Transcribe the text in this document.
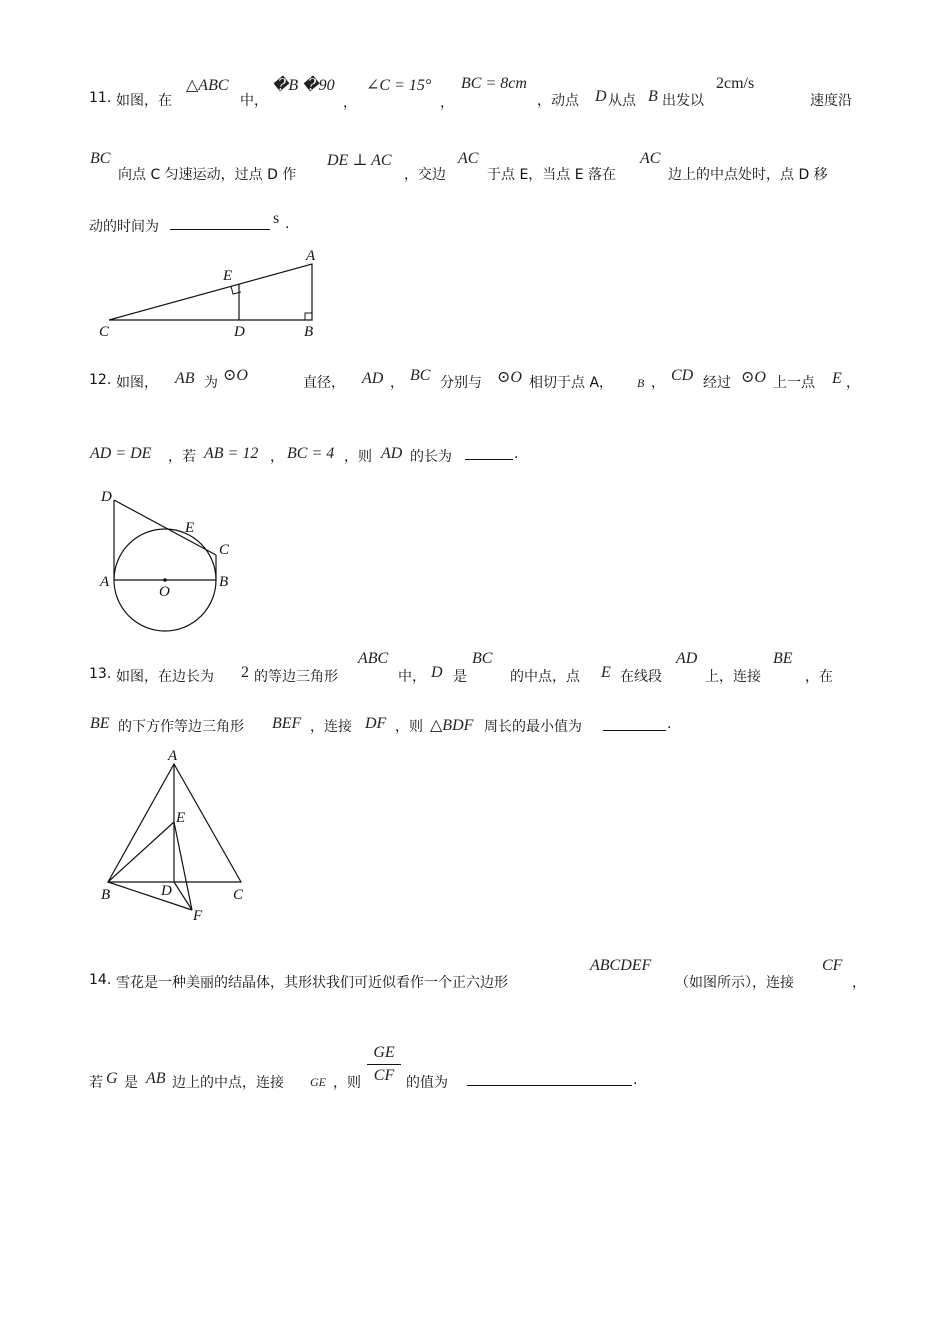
11. 如图，在
△ABC
中，
�B �90
，
∠C = 15°
，
BC = 8cm
，动点 D 从点 B 出发以
2cm/s
速度沿
BC
向点 C 匀速运动，过点 D 作
DE ⊥ AC
，交边
AC
于点 E，当点 E 落在
AC
边上的中点处时，点 D 移
动的时间为	s .
A
E
C	D	B
12. 如图， AB 为 ⊙O	直径， AD ， BC 分别与 ⊙O 相切于点 A， B ， CD 经过 ⊙O 上一点 E ，
AD = DE ，若 AB = 12 ， BC = 4 ，则 AD 的长为	.
D
E
C
A
O
B
13. 如图，在边长为 2 的等边三角形
ABC
中， D 是
BC
的中点，点 E 在线段
AD
上，连接
BE
，在
BE 的下方作等边三角形 BEF ，连接 DF ，则 △BDF 周长的最小值为	.
A
E
B	D	C
F
14. 雪花是一种美丽的结晶体，其形状我们可近似看作一个正六边形
ABCDEF
（如图所示），连接
CF
，
若 G 是 AB 边上的中点，连接 GE ，则
GE
CF 的值为	.
